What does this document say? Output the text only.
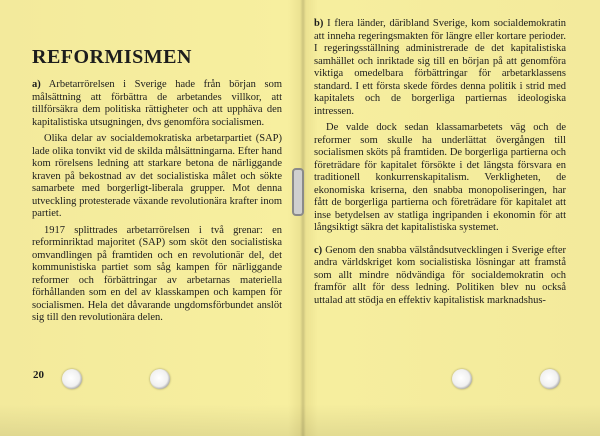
REFORMISMEN

a) Arbetarrörelsen i Sverige hade från början som målsättning att förbättra de arbetandes villkor, att tillförsäkra dem politiska rättigheter och att upphäva den kapitalistiska utsugningen, dvs genomföra socialismen.

Olika delar av socialdemokratiska arbetarpartiet (SAP) lade olika tonvikt vid de skilda målsättningarna. Efter hand kom rörelsens ledning att starkare betona de närliggande kraven på bekostnad av det socialistiska målet och sökte samarbete med borgerligt-liberala grupper. Mot denna utveckling protesterade växande revolutionära krafter inom partiet.

1917 splittrades arbetarrörelsen i två grenar: en reforminriktad majoritet (SAP) som sköt den socialistiska omvandlingen på framtiden och en revolutionär del, det kommunistiska partiet som såg kampen för närliggande reformer och förbättringar av arbetarnas materiella förhållanden som en del av klasskampen och kampen för socialismen. Hela det dåvarande ungdomsförbundet anslöt sig till den revolutionära delen.

20

b) I flera länder, däribland Sverige, kom socialdemokratin att inneha regeringsmakten för längre eller kortare perioder. I regeringsställning administrerade de det kapitalistiska samhället och inriktade sig till en början på att genomföra viktiga omedelbara förbättringar för arbetarklassens standard. I ett första skede fördes denna politik i strid med kapitalets och de borgerliga partiernas ideologiska intressen.

De valde dock sedan klassamarbetets väg och de reformer som skulle ha underlättat övergången till socialismen sköts på framtiden. De borgerliga partierna och företrädare för kapitalet försökte i det längsta försvara en traditionell konkurrenskapitalism. Verkligheten, de ekonomiska kriserna, den snabba monopoliseringen, har fått de borgerliga partierna och företrädare för kapitalet att inse betydelsen av statliga ingripanden i ekonomin för att långsiktigt säkra det kapitalistiska systemet.

c) Genom den snabba välståndsutvecklingen i Sverige efter andra världskriget kom socialistiska lösningar att framstå som allt mindre nödvändiga för socialdemokratin och framför allt för dess ledning. Politiken blev nu också uttalad att stödja en effektiv kapitalistisk marknadshus-
